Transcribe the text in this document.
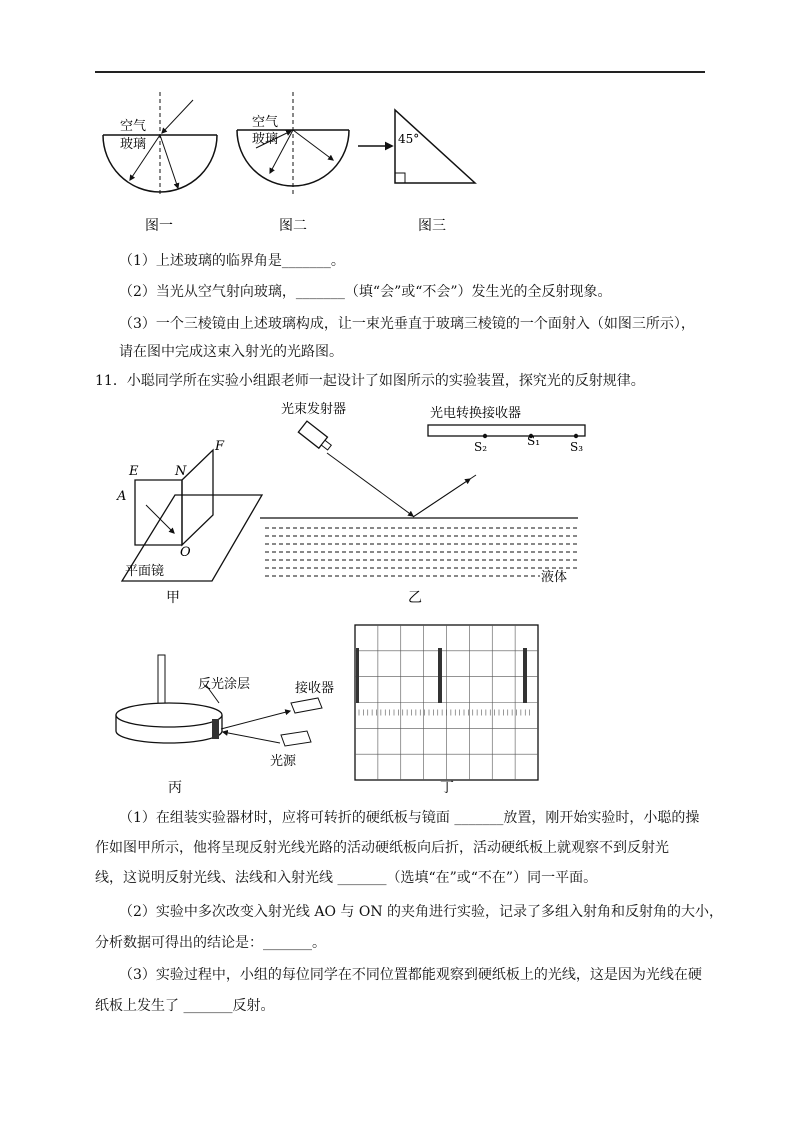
空气
玻璃
图一
空气
玻璃
图二
45°
图三
（1）上述玻璃的临界角是_______。
（2）当光从空气射向玻璃，_______（填“会”或“不会”）发生光的全反射现象。
（3）一个三棱镜由上述玻璃构成，让一束光垂直于玻璃三棱镜的一个面射入（如图三所示），
请在图中完成这束入射光的光路图。
11．小聪同学所在实验小组跟老师一起设计了如图所示的实验装置，探究光的反射规律。
E	N
F
A
O
平面镜
甲
光束发射器	光电转换接收器
S₂	S₁ S₃
液体
乙
反光涂层	接收器
光源
丙	丁
（1）在组装实验器材时，应将可转折的硬纸板与镜面 _______放置，刚开始实验时，小聪的操
作如图甲所示，他将呈现反射光线光路的活动硬纸板向后折，活动硬纸板上就观察不到反射光
线，这说明反射光线、法线和入射光线 _______（选填“在”或“不在”）同一平面。
（2）实验中多次改变入射光线 AO 与 ON 的夹角进行实验，记录了多组入射角和反射角的大小，
分析数据可得出的结论是：_______。
（3）实验过程中，小组的每位同学在不同位置都能观察到硬纸板上的光线，这是因为光线在硬
纸板上发生了 _______反射。
